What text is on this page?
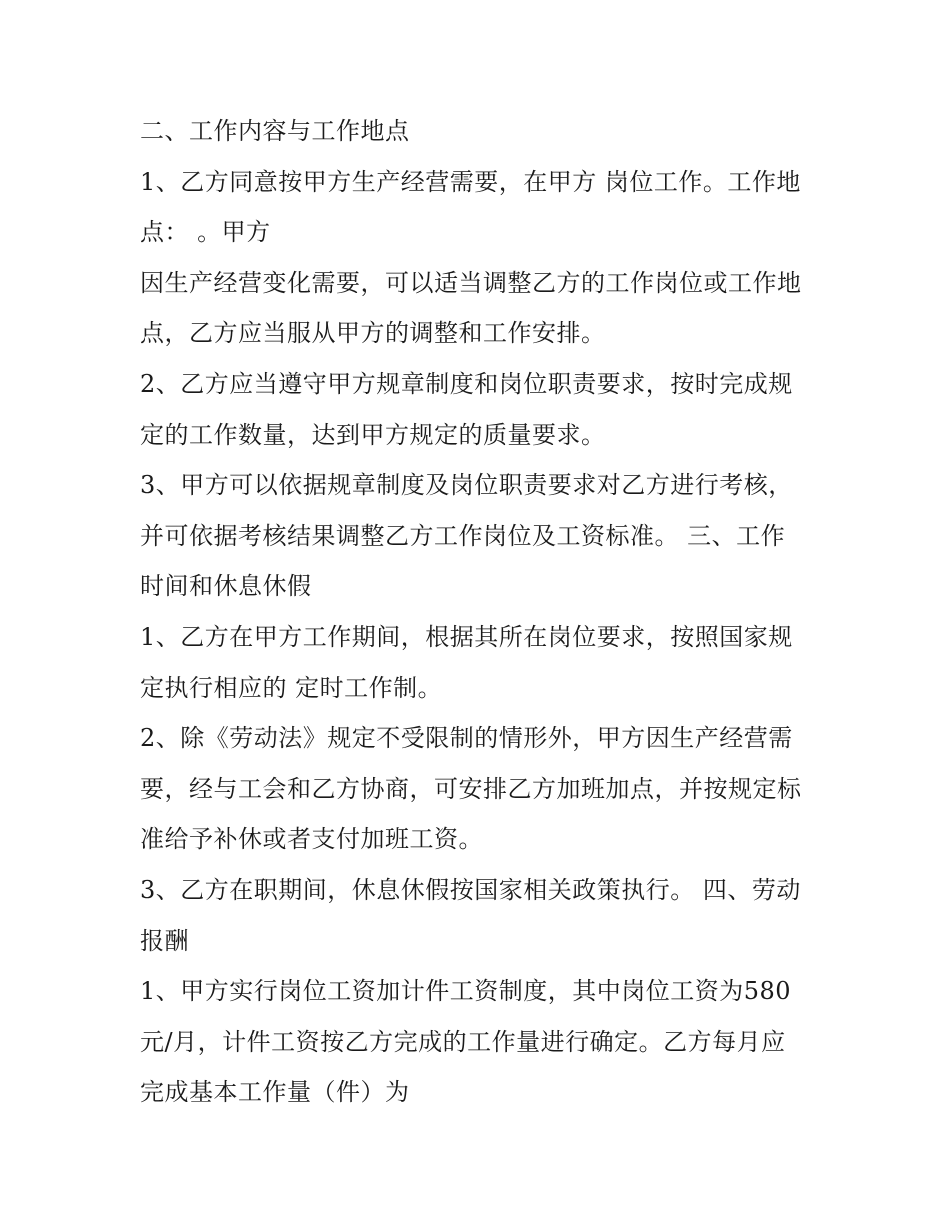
二、工作内容与工作地点
1、乙方同意按甲方生产经营需要，在甲方 岗位工作。工作地
点： 。甲方
因生产经营变化需要，可以适当调整乙方的工作岗位或工作地
点，乙方应当服从甲方的调整和工作安排。
2、乙方应当遵守甲方规章制度和岗位职责要求，按时完成规
定的工作数量，达到甲方规定的质量要求。
3、甲方可以依据规章制度及岗位职责要求对乙方进行考核，
并可依据考核结果调整乙方工作岗位及工资标准。 三、工作
时间和休息休假
1、乙方在甲方工作期间，根据其所在岗位要求，按照国家规
定执行相应的 定时工作制。
2、除《劳动法》规定不受限制的情形外，甲方因生产经营需
要，经与工会和乙方协商，可安排乙方加班加点，并按规定标
准给予补休或者支付加班工资。
3、乙方在职期间，休息休假按国家相关政策执行。 四、劳动
报酬
1、甲方实行岗位工资加计件工资制度，其中岗位工资为580
元/月，计件工资按乙方完成的工作量进行确定。乙方每月应
完成基本工作量（件）为
